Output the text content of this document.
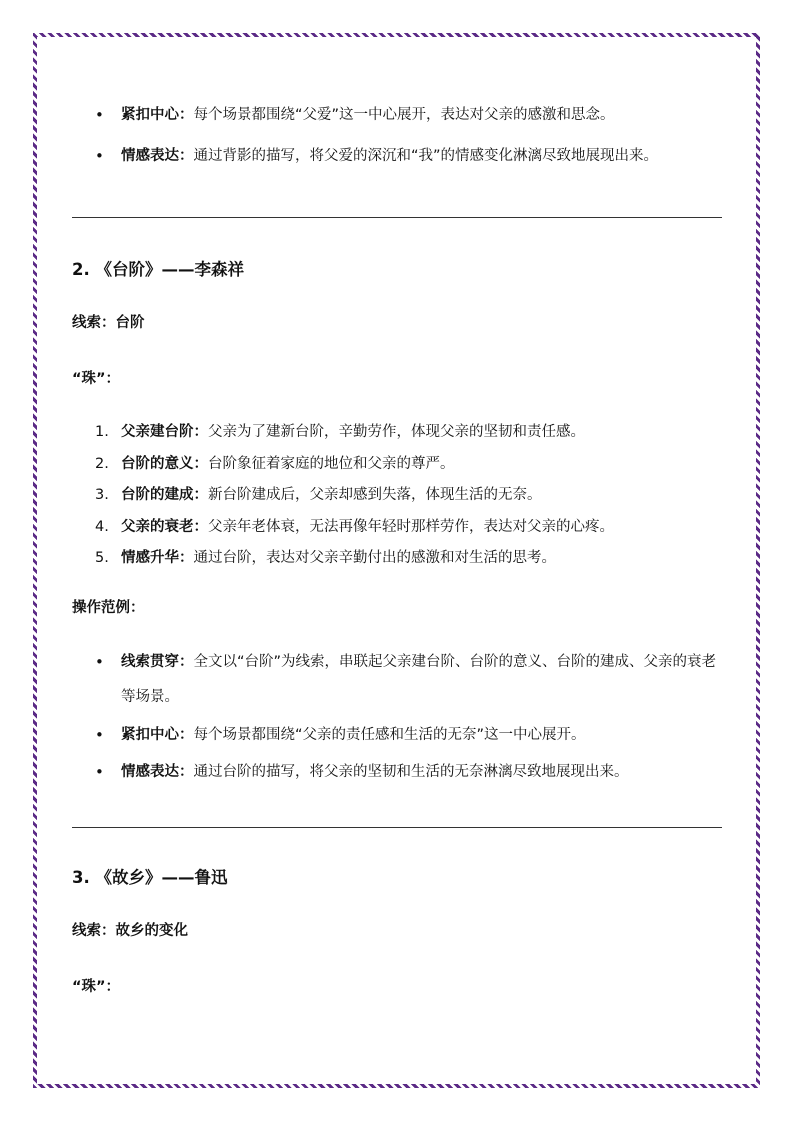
• 紧扣中心：每个场景都围绕“父爱”这一中心展开，表达对父亲的感激和思念。
• 情感表达：通过背影的描写，将父爱的深沉和“我”的情感变化淋漓尽致地展现出来。
2. 《台阶》——李森祥

线索：台阶

“珠”：

1. 父亲建台阶：父亲为了建新台阶，辛勤劳作，体现父亲的坚韧和责任感。
2. 台阶的意义：台阶象征着家庭的地位和父亲的尊严。
3. 台阶的建成：新台阶建成后，父亲却感到失落，体现生活的无奈。
4. 父亲的衰老：父亲年老体衰，无法再像年轻时那样劳作，表达对父亲的心疼。
5. 情感升华：通过台阶，表达对父亲辛勤付出的感激和对生活的思考。

操作范例：

• 线索贯穿：全文以“台阶”为线索，串联起父亲建台阶、台阶的意义、台阶的建成、父亲的衰老等场景。
• 紧扣中心：每个场景都围绕“父亲的责任感和生活的无奈”这一中心展开。
• 情感表达：通过台阶的描写，将父亲的坚韧和生活的无奈淋漓尽致地展现出来。
3. 《故乡》——鲁迅

线索：故乡的变化

“珠”：
